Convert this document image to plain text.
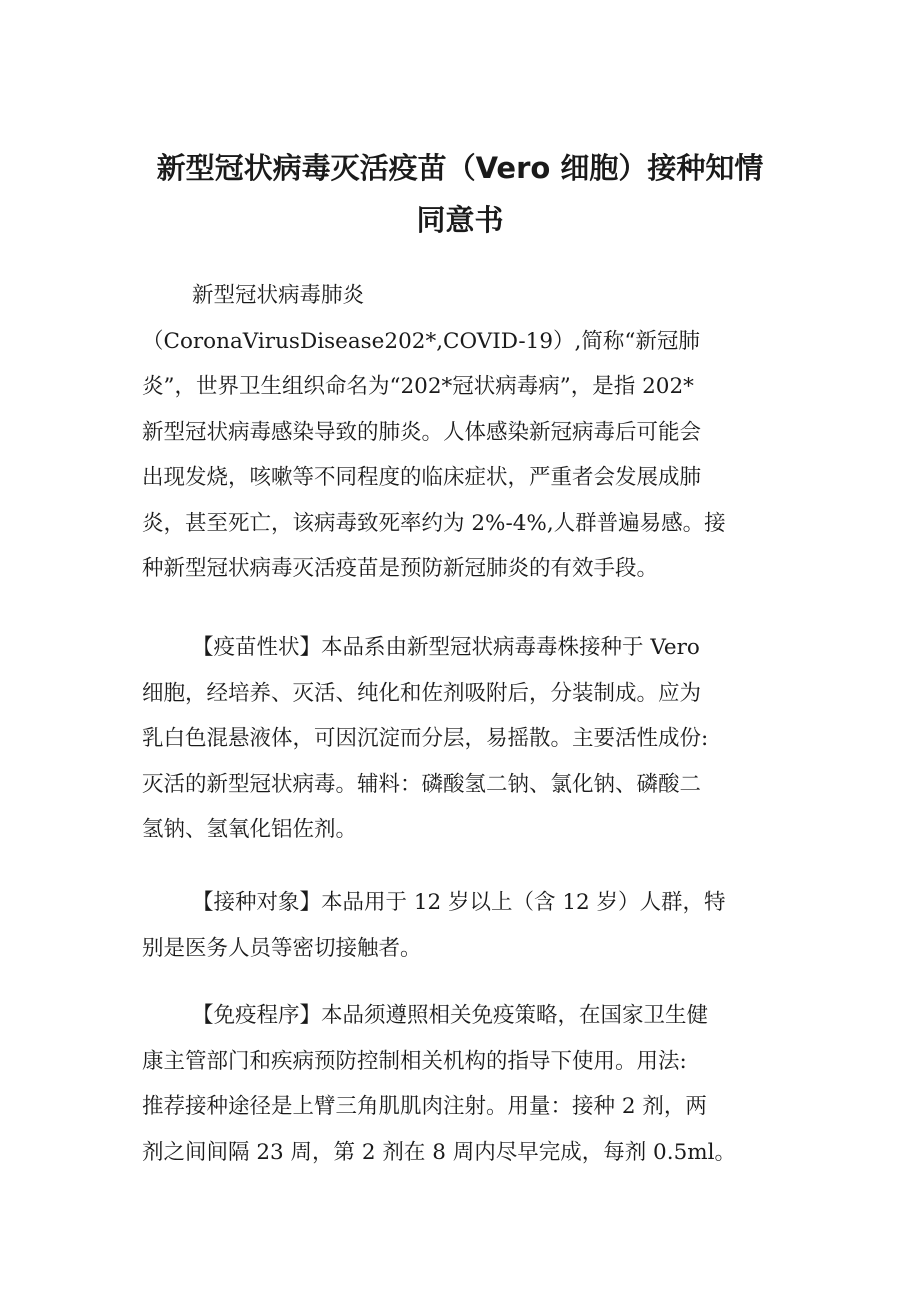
新型冠状病毒灭活疫苗（Vero 细胞）接种知情
同意书

新型冠状病毒肺炎
（CoronaVirusDisease202*,COVID-19）,简称“新冠肺
炎”，世界卫生组织命名为“202*冠状病毒病”，是指 202*
新型冠状病毒感染导致的肺炎。人体感染新冠病毒后可能会
出现发烧，咳嗽等不同程度的临床症状，严重者会发展成肺
炎，甚至死亡，该病毒致死率约为 2%-4%,人群普遍易感。接
种新型冠状病毒灭活疫苗是预防新冠肺炎的有效手段。

【疫苗性状】本品系由新型冠状病毒毒株接种于 Vero
细胞，经培养、灭活、纯化和佐剂吸附后，分装制成。应为
乳白色混悬液体，可因沉淀而分层，易摇散。主要活性成份:
灭活的新型冠状病毒。辅料：磷酸氢二钠、氯化钠、磷酸二
氢钠、氢氧化铝佐剂。

【接种对象】本品用于 12 岁以上（含 12 岁）人群，特
别是医务人员等密切接触者。

【免疫程序】本品须遵照相关免疫策略，在国家卫生健
康主管部门和疾病预防控制相关机构的指导下使用。用法:
推荐接种途径是上臂三角肌肌肉注射。用量：接种 2 剂，两
剂之间间隔 23 周，第 2 剂在 8 周内尽早完成，每剂 0.5ml。
